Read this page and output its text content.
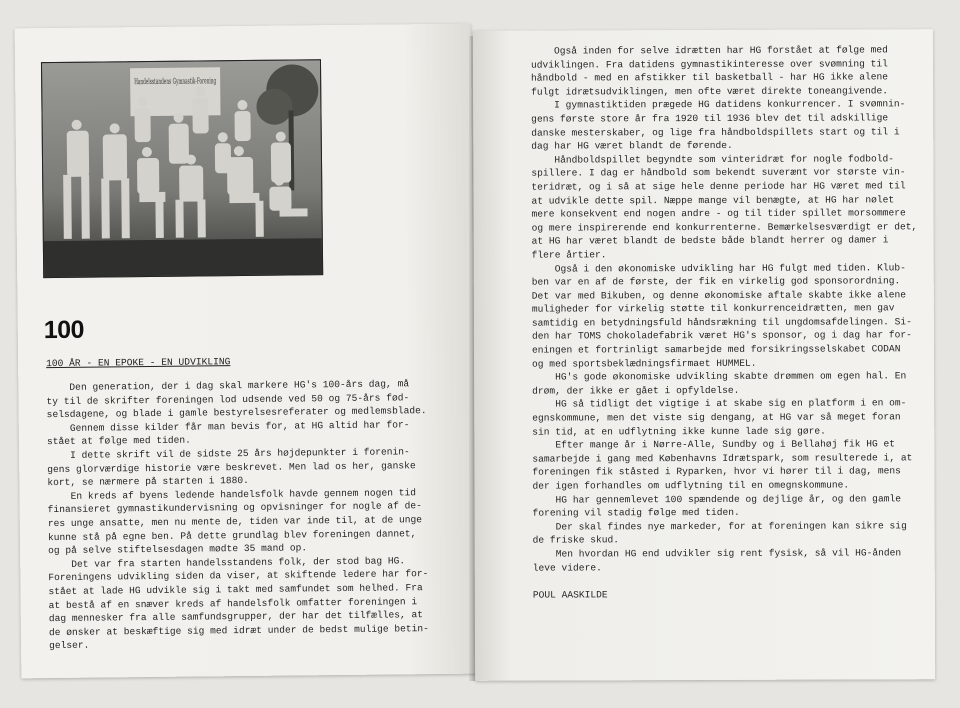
Handelsstandens Gymnastik-Forening
100
100 ÅR - EN EPOKE - EN UDVIKLING
Den generation, der i dag skal markere HG's 100-års dag, må
ty til de skrifter foreningen lod udsende ved 50 og 75-års fød-
selsdagene, og blade i gamle bestyrelsesreferater og medlemsblade.
Gennem disse kilder får man bevis for, at HG altid har for-
stået at følge med tiden.
I dette skrift vil de sidste 25 års højdepunkter i forenin-
gens glorværdige historie være beskrevet. Men lad os her, ganske
kort, se nærmere på starten i 1880.
En kreds af byens ledende handelsfolk havde gennem nogen tid
finansieret gymnastikundervisning og opvisninger for nogle af de-
res unge ansatte, men nu mente de, tiden var inde til, at de unge
kunne stå på egne ben. På dette grundlag blev foreningen dannet,
og på selve stiftelsesdagen mødte 35 mand op.
Det var fra starten handelsstandens folk, der stod bag HG.
Foreningens udvikling siden da viser, at skiftende ledere har for-
stået at lade HG udvikle sig i takt med samfundet som helhed. Fra
at bestå af en snæver kreds af handelsfolk omfatter foreningen i
dag mennesker fra alle samfundsgrupper, der har det tilfælles, at
de ønsker at beskæftige sig med idræt under de bedst mulige betin-
gelser.
Også inden for selve idrætten har HG forstået at følge med
udviklingen. Fra datidens gymnastikinteresse over svømning til
håndbold - med en afstikker til basketball - har HG ikke alene
fulgt idrætsudviklingen, men ofte været direkte toneangivende.
I gymnastiktiden prægede HG datidens konkurrencer. I svømnin-
gens første store år fra 1920 til 1936 blev det til adskillige
danske mesterskaber, og lige fra håndboldspillets start og til i
dag har HG været blandt de førende.
Håndboldspillet begyndte som vinteridræt for nogle fodbold-
spillere. I dag er håndbold som bekendt suverænt vor største vin-
teridræt, og i så at sige hele denne periode har HG været med til
at udvikle dette spil. Næppe mange vil benægte, at HG har nølet
mere konsekvent end nogen andre - og til tider spillet morsommere
og mere inspirerende end konkurrenterne. Bemærkelsesværdigt er det,
at HG har været blandt de bedste både blandt herrer og damer i
flere årtier.
Også i den økonomiske udvikling har HG fulgt med tiden. Klub-
ben var en af de første, der fik en virkelig god sponsorordning.
Det var med Bikuben, og denne økonomiske aftale skabte ikke alene
muligheder for virkelig støtte til konkurrenceidrætten, men gav
samtidig en betydningsfuld håndsrækning til ungdomsafdelingen. Si-
den har TOMS chokoladefabrik været HG's sponsor, og i dag har for-
eningen et fortrinligt samarbejde med forsikringsselskabet CODAN
og med sportsbeklædningsfirmaet HUMMEL.
HG's gode økonomiske udvikling skabte drømmen om egen hal. En
drøm, der ikke er gået i opfyldelse.
HG så tidligt det vigtige i at skabe sig en platform i en om-
egnskommune, men det viste sig dengang, at HG var så meget foran
sin tid, at en udflytning ikke kunne lade sig gøre.
Efter mange år i Nørre-Alle, Sundby og i Bellahøj fik HG et
samarbejde i gang med Københavns Idrætspark, som resulterede i, at
foreningen fik ståsted i Ryparken, hvor vi hører til i dag, mens
der igen forhandles om udflytning til en omegnskommune.
HG har gennemlevet 100 spændende og dejlige år, og den gamle
forening vil stadig følge med tiden.
Der skal findes nye markeder, for at foreningen kan sikre sig
de friske skud.
Men hvordan HG end udvikler sig rent fysisk, så vil HG-ånden
leve videre.
POUL AASKILDE
